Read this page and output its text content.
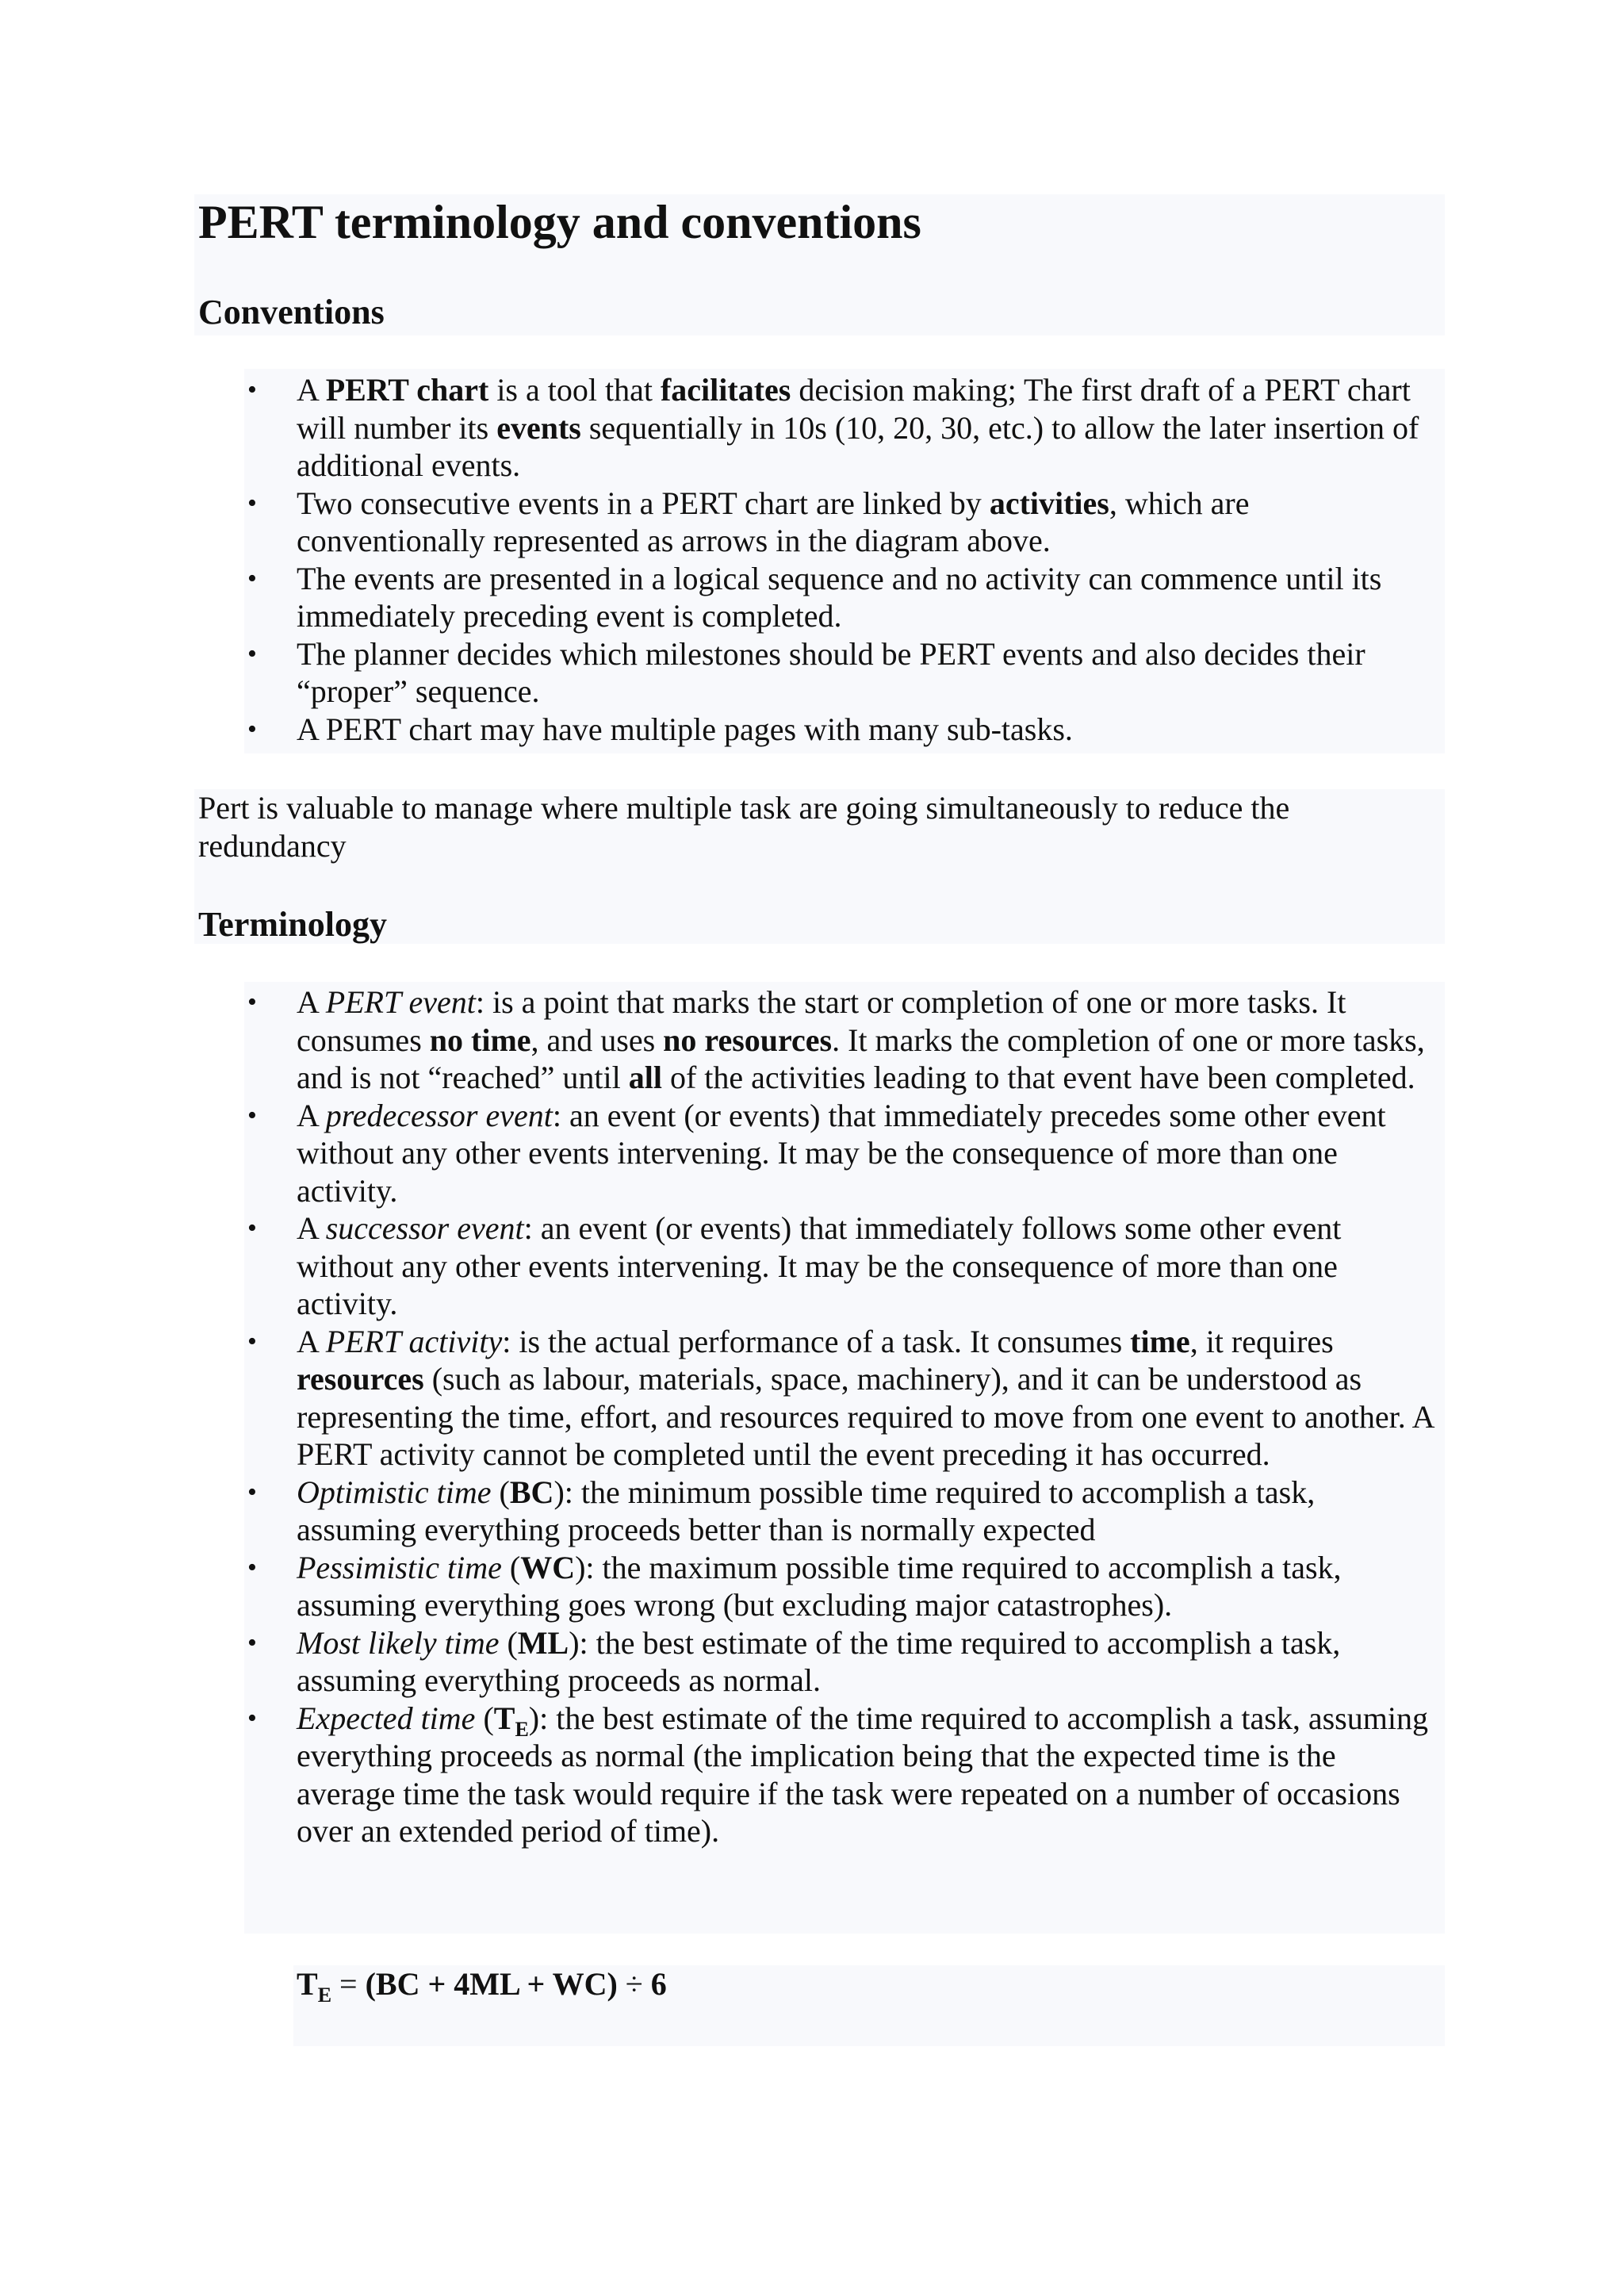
PERT terminology and conventions
Conventions
• A PERT chart is a tool that facilitates decision making; The first draft of a PERT chart will number its events sequentially in 10s (10, 20, 30, etc.) to allow the later insertion of additional events.
• Two consecutive events in a PERT chart are linked by activities, which are conventionally represented as arrows in the diagram above.
• The events are presented in a logical sequence and no activity can commence until its immediately preceding event is completed.
• The planner decides which milestones should be PERT events and also decides their “proper” sequence.
• A PERT chart may have multiple pages with many sub-tasks.

Pert is valuable to manage where multiple task are going simultaneously to reduce the redundancy

Terminology
• A PERT event: is a point that marks the start or completion of one or more tasks. It consumes no time, and uses no resources. It marks the completion of one or more tasks, and is not “reached” until all of the activities leading to that event have been completed.
• A predecessor event: an event (or events) that immediately precedes some other event without any other events intervening. It may be the consequence of more than one activity.
• A successor event: an event (or events) that immediately follows some other event without any other events intervening. It may be the consequence of more than one activity.
• A PERT activity: is the actual performance of a task. It consumes time, it requires resources (such as labour, materials, space, machinery), and it can be understood as representing the time, effort, and resources required to move from one event to another. A PERT activity cannot be completed until the event preceding it has occurred.
• Optimistic time (BC): the minimum possible time required to accomplish a task, assuming everything proceeds better than is normally expected
• Pessimistic time (WC): the maximum possible time required to accomplish a task, assuming everything goes wrong (but excluding major catastrophes).
• Most likely time (ML): the best estimate of the time required to accomplish a task, assuming everything proceeds as normal.
• Expected time $(T_E)$: the best estimate of the time required to accomplish a task, assuming everything proceeds as normal (the implication being that the expected time is the average time the task would require if the task were repeated on a number of occasions over an extended period of time).

$T_E = (BC + 4ML + WC) \div 6$
